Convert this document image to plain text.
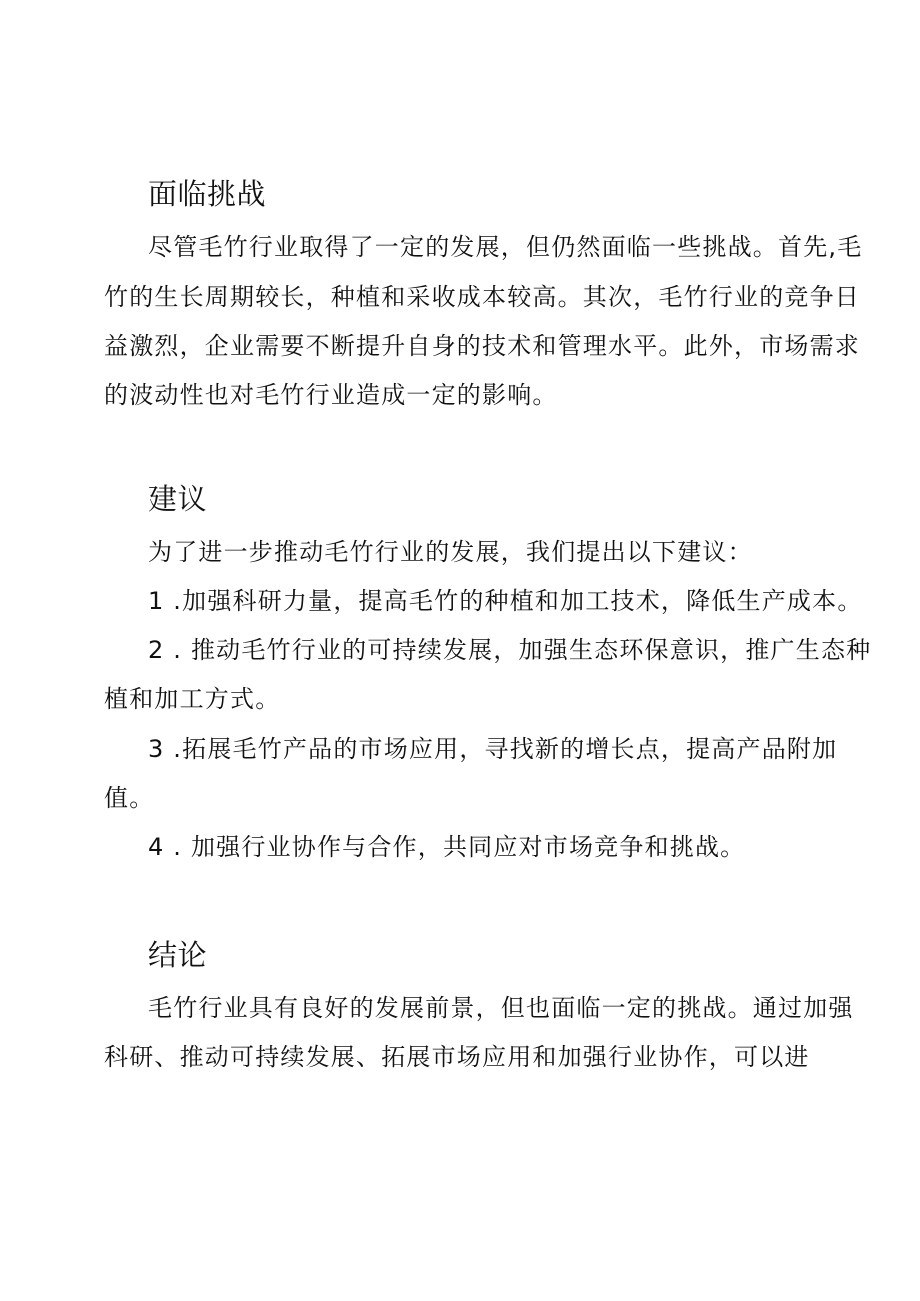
面临挑战
尽管毛竹行业取得了一定的发展，但仍然面临一些挑战。首先,毛
竹的生长周期较长，种植和采收成本较高。其次，毛竹行业的竞争日
益激烈，企业需要不断提升自身的技术和管理水平。此外，市场需求
的波动性也对毛竹行业造成一定的影响。
建议
为了进一步推动毛竹行业的发展，我们提出以下建议：
1 .加强科研力量，提高毛竹的种植和加工技术，降低生产成本。
2 . 推动毛竹行业的可持续发展，加强生态环保意识，推广生态种
植和加工方式。
3 .拓展毛竹产品的市场应用，寻找新的增长点，提高产品附加
值。
4 . 加强行业协作与合作，共同应对市场竞争和挑战。
结论
毛竹行业具有良好的发展前景，但也面临一定的挑战。通过加强
科研、推动可持续发展、拓展市场应用和加强行业协作，可以进
